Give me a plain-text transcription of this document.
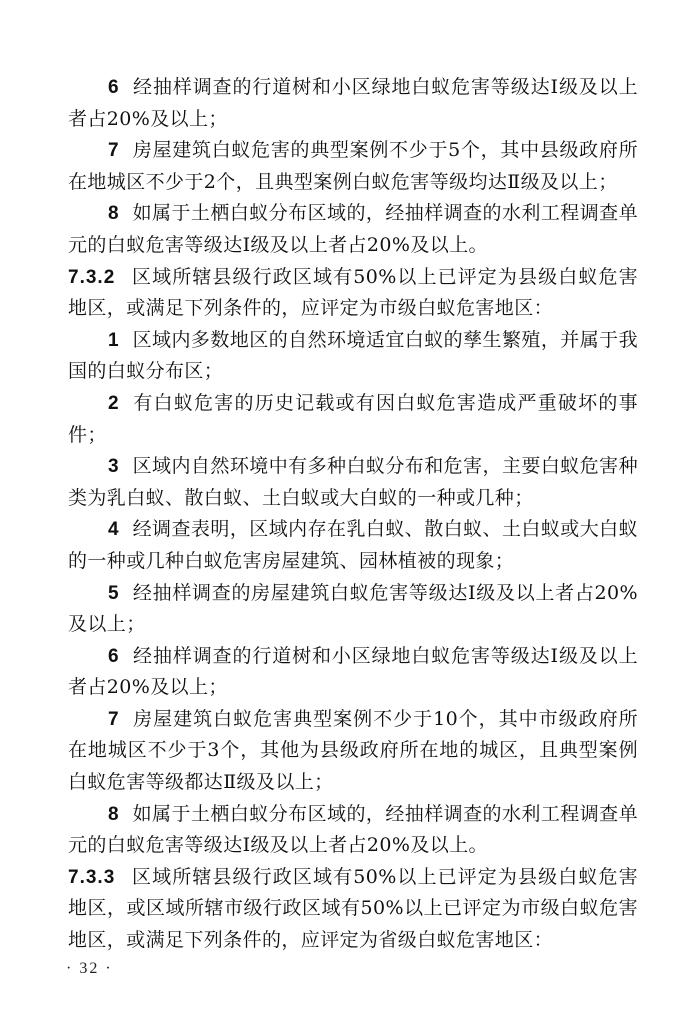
6 经抽样调查的行道树和小区绿地白蚁危害等级达Ⅰ级及以上者占20%及以上；

7 房屋建筑白蚁危害的典型案例不少于5个，其中县级政府所在地城区不少于2个，且典型案例白蚁危害等级均达Ⅱ级及以上；

8 如属于土栖白蚁分布区域的，经抽样调查的水利工程调查单元的白蚁危害等级达Ⅰ级及以上者占20%及以上。

7.3.2 区域所辖县级行政区域有50%以上已评定为县级白蚁危害地区，或满足下列条件的，应评定为市级白蚁危害地区：

1 区域内多数地区的自然环境适宜白蚁的孳生繁殖，并属于我国的白蚁分布区；

2 有白蚁危害的历史记载或有因白蚁危害造成严重破坏的事件；

3 区域内自然环境中有多种白蚁分布和危害，主要白蚁危害种类为乳白蚁、散白蚁、土白蚁或大白蚁的一种或几种；

4 经调查表明，区域内存在乳白蚁、散白蚁、土白蚁或大白蚁的一种或几种白蚁危害房屋建筑、园林植被的现象；

5 经抽样调查的房屋建筑白蚁危害等级达Ⅰ级及以上者占20%及以上；

6 经抽样调查的行道树和小区绿地白蚁危害等级达Ⅰ级及以上者占20%及以上；

7 房屋建筑白蚁危害典型案例不少于10个，其中市级政府所在地城区不少于3个，其他为县级政府所在地的城区，且典型案例白蚁危害等级都达Ⅱ级及以上；

8 如属于土栖白蚁分布区域的，经抽样调查的水利工程调查单元的白蚁危害等级达Ⅰ级及以上者占20%及以上。

7.3.3 区域所辖县级行政区域有50%以上已评定为县级白蚁危害地区，或区域所辖市级行政区域有50%以上已评定为市级白蚁危害地区，或满足下列条件的，应评定为省级白蚁危害地区：

· 32 ·
